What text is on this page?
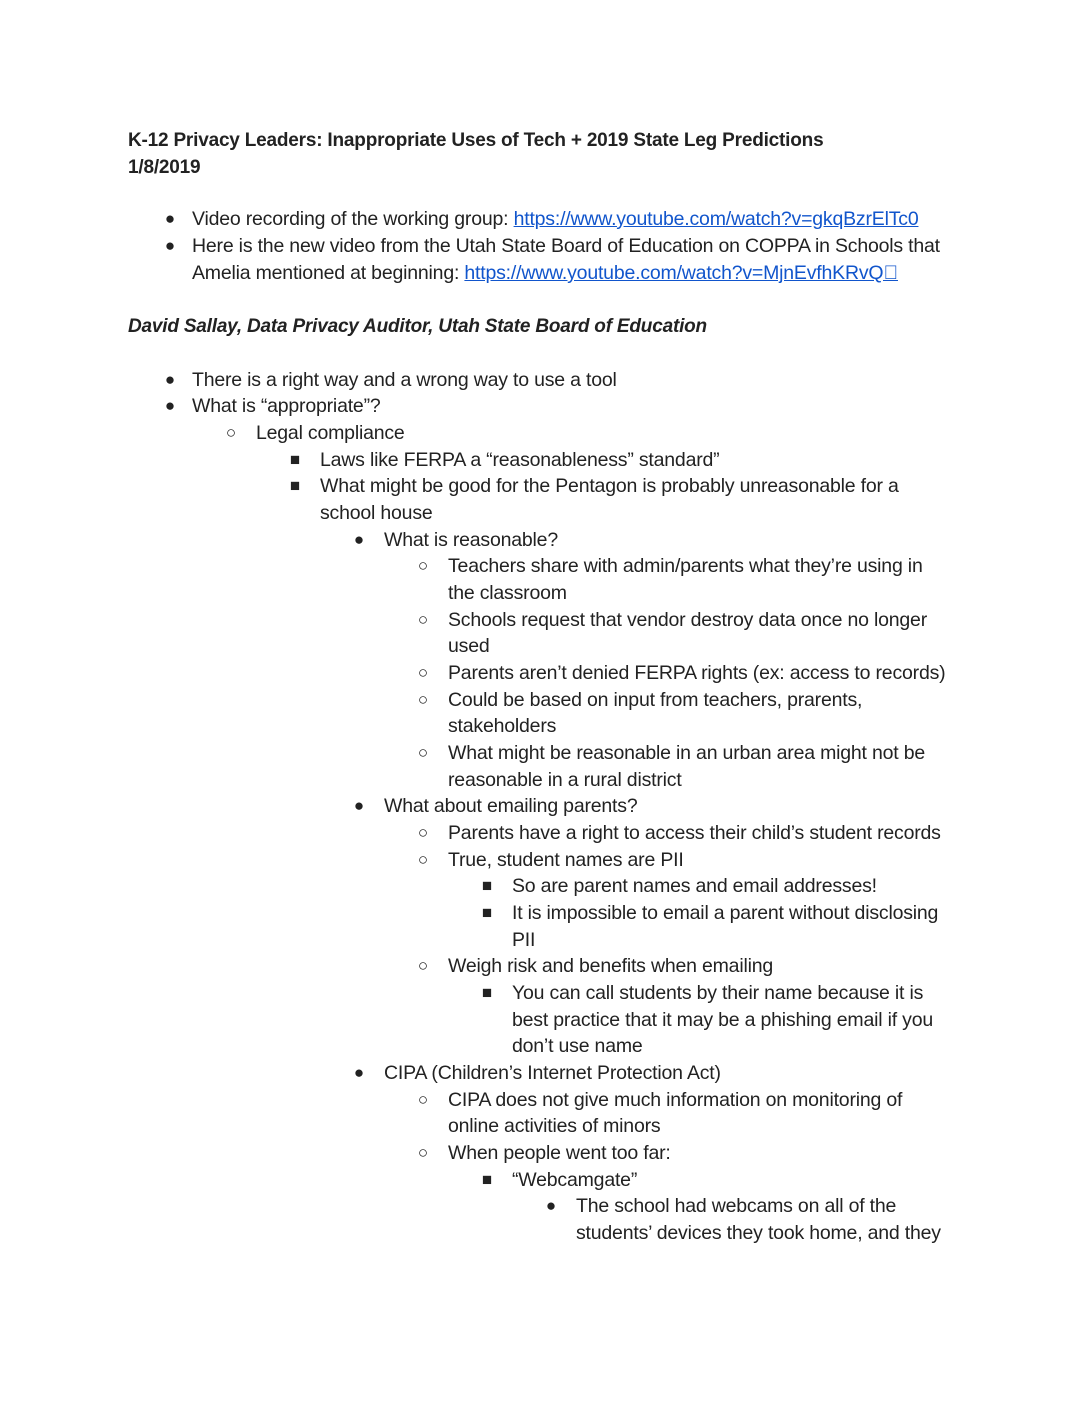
K-12 Privacy Leaders: Inappropriate Uses of Tech + 2019 State Leg Predictions
1/8/2019
● Video recording of the working group: https://www.youtube.com/watch?v=gkqBzrElTc0
● Here is the new video from the Utah State Board of Education on COPPA in Schools that
Amelia mentioned at beginning: https://www.youtube.com/watch?v=MjnEvfhKRvQ
David Sallay, Data Privacy Auditor, Utah State Board of Education
● There is a right way and a wrong way to use a tool
● What is “appropriate”?
○ Legal compliance
■ Laws like FERPA a “reasonableness” standard”
■ What might be good for the Pentagon is probably unreasonable for a
school house
● What is reasonable?
○ Teachers share with admin/parents what they’re using in
the classroom
○ Schools request that vendor destroy data once no longer
used
○ Parents aren’t denied FERPA rights (ex: access to records)
○ Could be based on input from teachers, prarents,
stakeholders
○ What might be reasonable in an urban area might not be
reasonable in a rural district
● What about emailing parents?
○ Parents have a right to access their child’s student records
○ True, student names are PII
■ So are parent names and email addresses!
■ It is impossible to email a parent without disclosing
PII
○ Weigh risk and benefits when emailing
■ You can call students by their name because it is
best practice that it may be a phishing email if you
don’t use name
● CIPA (Children’s Internet Protection Act)
○ CIPA does not give much information on monitoring of
online activities of minors
○ When people went too far:
■ “Webcamgate”
● The school had webcams on all of the
students’ devices they took home, and they
